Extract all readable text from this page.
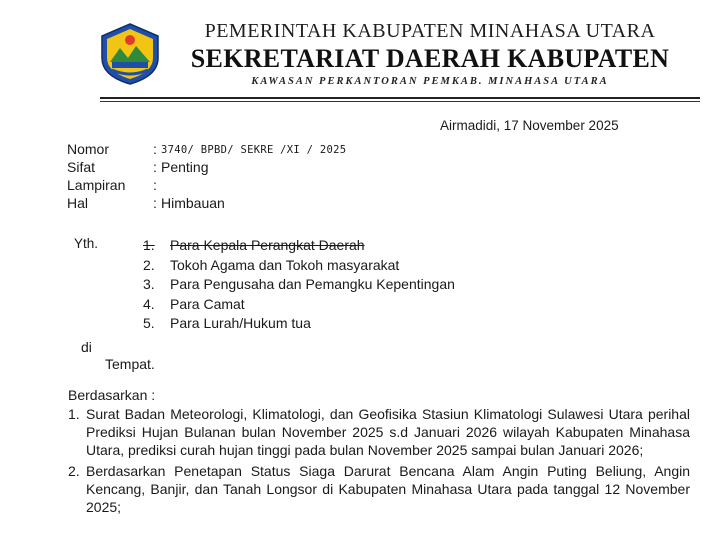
PEMERINTAH KABUPATEN MINAHASA UTARA
SEKRETARIAT DAERAH KABUPATEN
KAWASAN PERKANTORAN PEMKAB. MINAHASA UTARA
Airmadidi, 17 November 2025
Nomor	: 3740/ BPBD/ SEKRE /XI / 2025
Sifat	: Penting
Lampiran	:
Hal	: Himbauan
Yth.	1.	Para Kepala Perangkat Daerah
2.	Tokoh Agama dan Tokoh masyarakat
3.	Para Pengusaha dan Pemangku Kepentingan
4.	Para Camat
5.	Para Lurah/Hukum tua
di
Tempat.
Berdasarkan :
1. Surat Badan Meteorologi, Klimatologi, dan Geofisika Stasiun Klimatologi Sulawesi Utara perihal Prediksi Hujan Bulanan bulan November 2025 s.d Januari 2026 wilayah Kabupaten Minahasa Utara, prediksi curah hujan tinggi pada bulan November 2025 sampai bulan Januari 2026;
2. Berdasarkan Penetapan Status Siaga Darurat Bencana Alam Angin Puting Beliung, Angin Kencang, Banjir, dan Tanah Longsor di Kabupaten Minahasa Utara pada tanggal 12 November 2025;
